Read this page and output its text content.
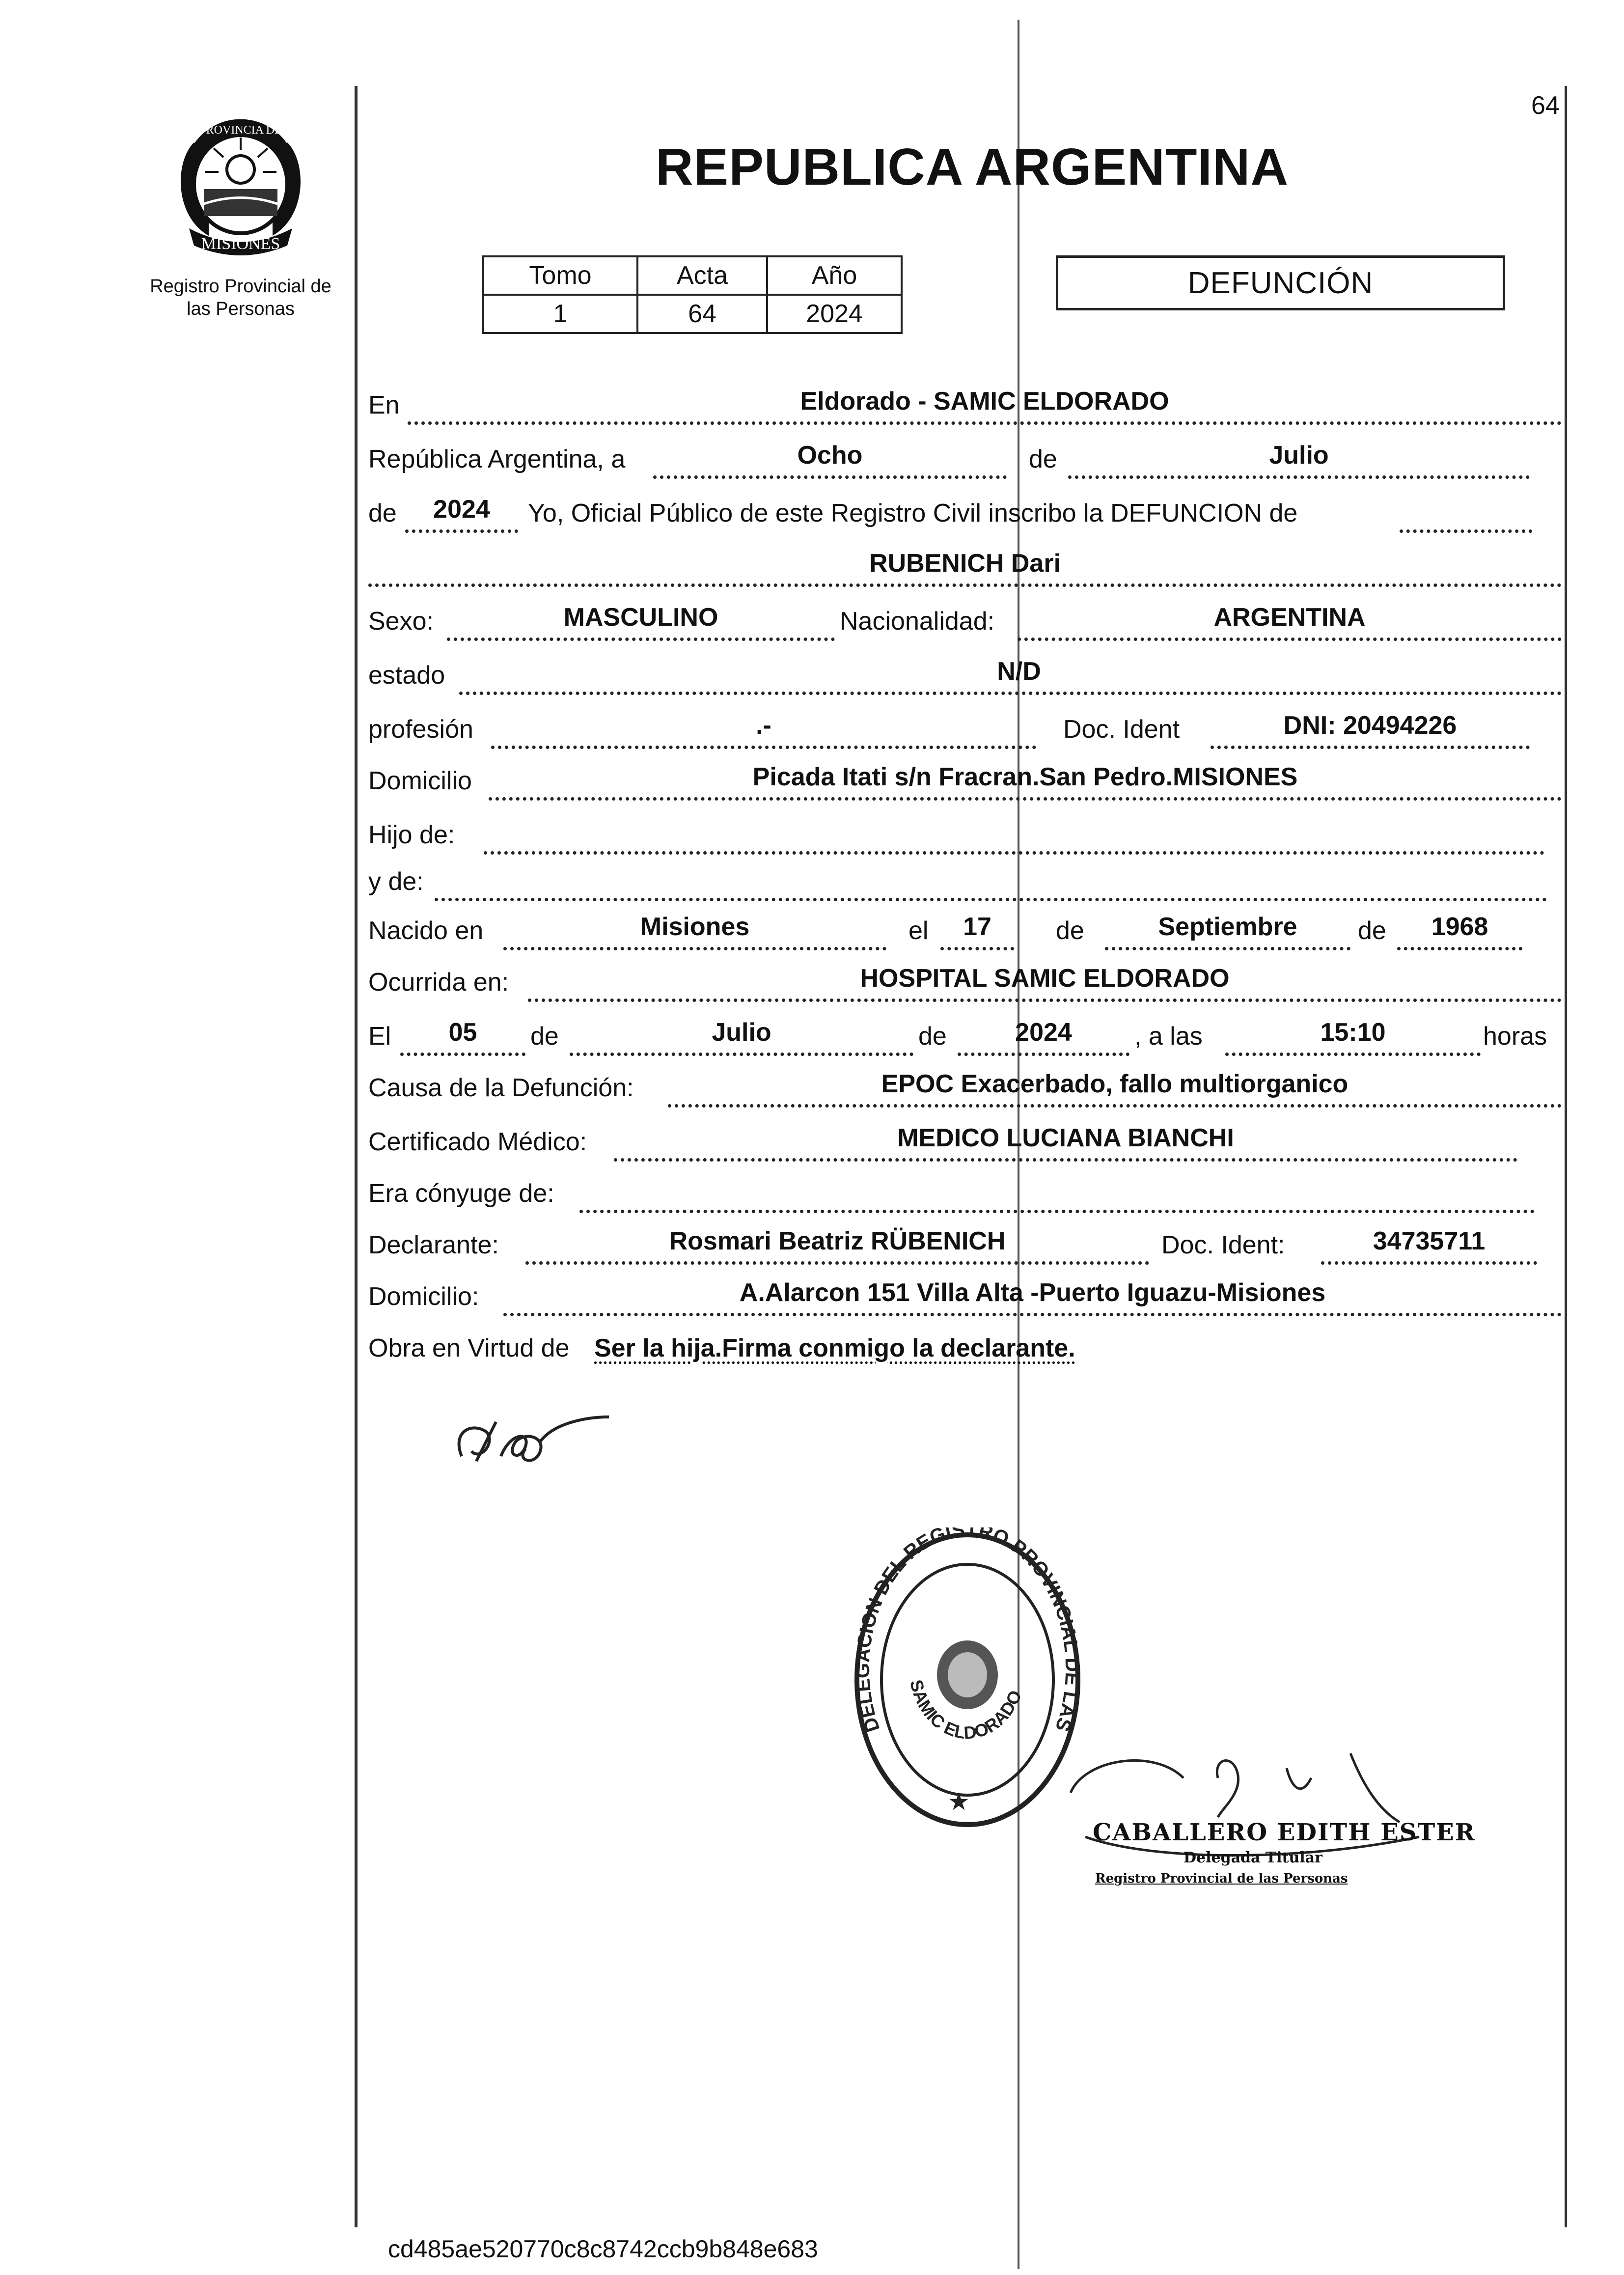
64
MISIONES
PROVINCIA DE
Registro Provincial de
las Personas
REPUBLICA ARGENTINA
Tomo	Acta	Año
1	64	2024
DEFUNCIÓN
En	Eldorado - SAMIC ELDORADO
República Argentina, a	Ocho	de	Julio
de	2024	Yo, Oficial Público de este Registro Civil inscribo la DEFUNCION de
RUBENICH Dari
Sexo:	MASCULINO	Nacionalidad:	ARGENTINA
estado	N/D
profesión	.-	Doc. Ident	DNI: 20494226
Domicilio	Picada Itati s/n Fracran.San Pedro.MISIONES
Hijo de:
y de:
Nacido en	Misiones	el	17	de	Septiembre	de	1968
Ocurrida en:	HOSPITAL SAMIC ELDORADO
El	05	de	Julio	de	2024	, a las	15:10	horas
Causa de la Defunción:	EPOC Exacerbado, fallo multiorganico
Certificado Médico:	MEDICO LUCIANA BIANCHI
Era cónyuge de:
Declarante:	Rosmari Beatriz RÜBENICH	Doc. Ident:	34735711
Domicilio:	A.Alarcon 151 Villa Alta -Puerto Iguazu-Misiones
Obra en Virtud de Ser la hija.Firma conmigo la declarante.
DELEGACION DEL REGISTRO PROVINCIAL DE LAS
SAMIC ELDORADO
★
CABALLERO EDITH ESTER
Delegada Titular
Registro Provincial de las Personas
cd485ae520770c8c8742ccb9b848e683
